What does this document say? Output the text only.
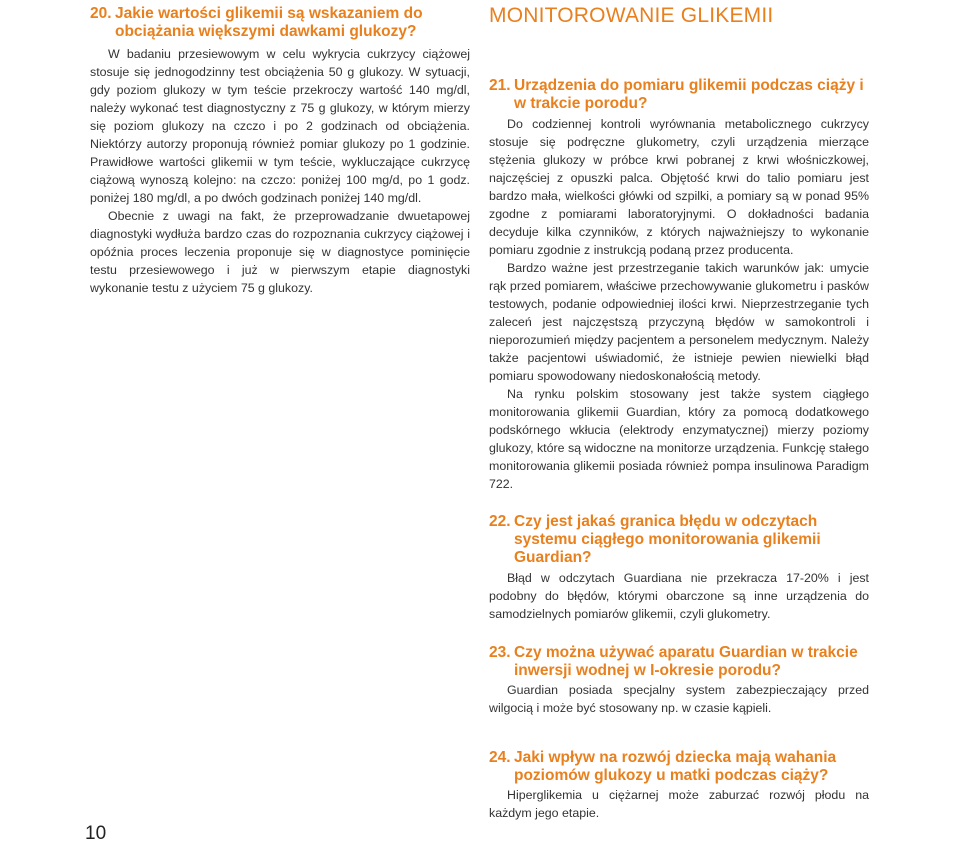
20. Jakie wartości glikemii są wskazaniem do obciążania większymi dawkami glukozy?

W badaniu przesiewowym w celu wykrycia cukrzycy ciążowej stosuje się jednogodzinny test obciążenia 50 g glukozy. W sytuacji, gdy poziom glukozy w tym teście przekroczy wartość 140 mg/dl, należy wykonać test diagnostyczny z 75 g glukozy, w którym mierzy się poziom glukozy na czczo i po 2 godzinach od obciążenia. Niektórzy autorzy proponują również pomiar glukozy po 1 godzinie. Prawidłowe wartości glikemii w tym teście, wykluczające cukrzycę ciążową wynoszą kolejno: na czczo: poniżej 100 mg/d, po 1 godz. poniżej 180 mg/dl, a po dwóch godzinach poniżej 140 mg/dl.

Obecnie z uwagi na fakt, że przeprowadzanie dwuetapowej diagnostyki wydłuża bardzo czas do rozpoznania cukrzycy ciążowej i opóźnia proces leczenia proponuje się w diagnostyce pominięcie testu przesiewowego i już w pierwszym etapie diagnostyki wykonanie testu z użyciem 75 g glukozy.

MONITOROWANIE GLIKEMII
21. Urządzenia do pomiaru glikemii podczas ciąży i w trakcie porodu?

Do codziennej kontroli wyrównania metabolicznego cukrzycy stosuje się podręczne glukometry, czyli urządzenia mierzące stężenia glukozy w próbce krwi pobranej z krwi włośniczkowej, najczęściej z opuszki palca. Objętość krwi do talio pomiaru jest bardzo mała, wielkości główki od szpilki, a pomiary są w ponad 95% zgodne z pomiarami laboratoryjnymi. O dokładności badania decyduje kilka czynników, z których najważniejszy to wykonanie pomiaru zgodnie z instrukcją podaną przez producenta.

Bardzo ważne jest przestrzeganie takich warunków jak: umycie rąk przed pomiarem, właściwe przechowywanie glukometru i pasków testowych, podanie odpowiedniej ilości krwi. Nieprzestrzeganie tych zaleceń jest najczęstszą przyczyną błędów w samokontroli i nieporozumień między pacjentem a personelem medycznym. Należy także pacjentowi uświadomić, że istnieje pewien niewielki błąd pomiaru spowodowany niedoskonałością metody.

Na rynku polskim stosowany jest także system ciągłego monitorowania glikemii Guardian, który za pomocą dodatkowego podskórnego wkłucia (elektrody enzymatycznej) mierzy poziomy glukozy, które są widoczne na monitorze urządzenia. Funkcję stałego monitorowania glikemii posiada również pompa insulinowa Paradigm 722.

22. Czy jest jakaś granica błędu w odczytach systemu ciągłego monitorowania glikemii Guardian?

Błąd w odczytach Guardiana nie przekracza 17-20% i jest podobny do błędów, którymi obarczone są inne urządzenia do samodzielnych pomiarów glikemii, czyli glukometry.

23. Czy można używać aparatu Guardian w trakcie inwersji wodnej w I-okresie porodu?

Guardian posiada specjalny system zabezpieczający przed wilgocią i może być stosowany np. w czasie kąpieli.

24. Jaki wpływ na rozwój dziecka mają wahania poziomów glukozy u matki podczas ciąży?

Hiperglikemia u ciężarnej może zaburzać rozwój płodu na każdym jego etapie.

10
